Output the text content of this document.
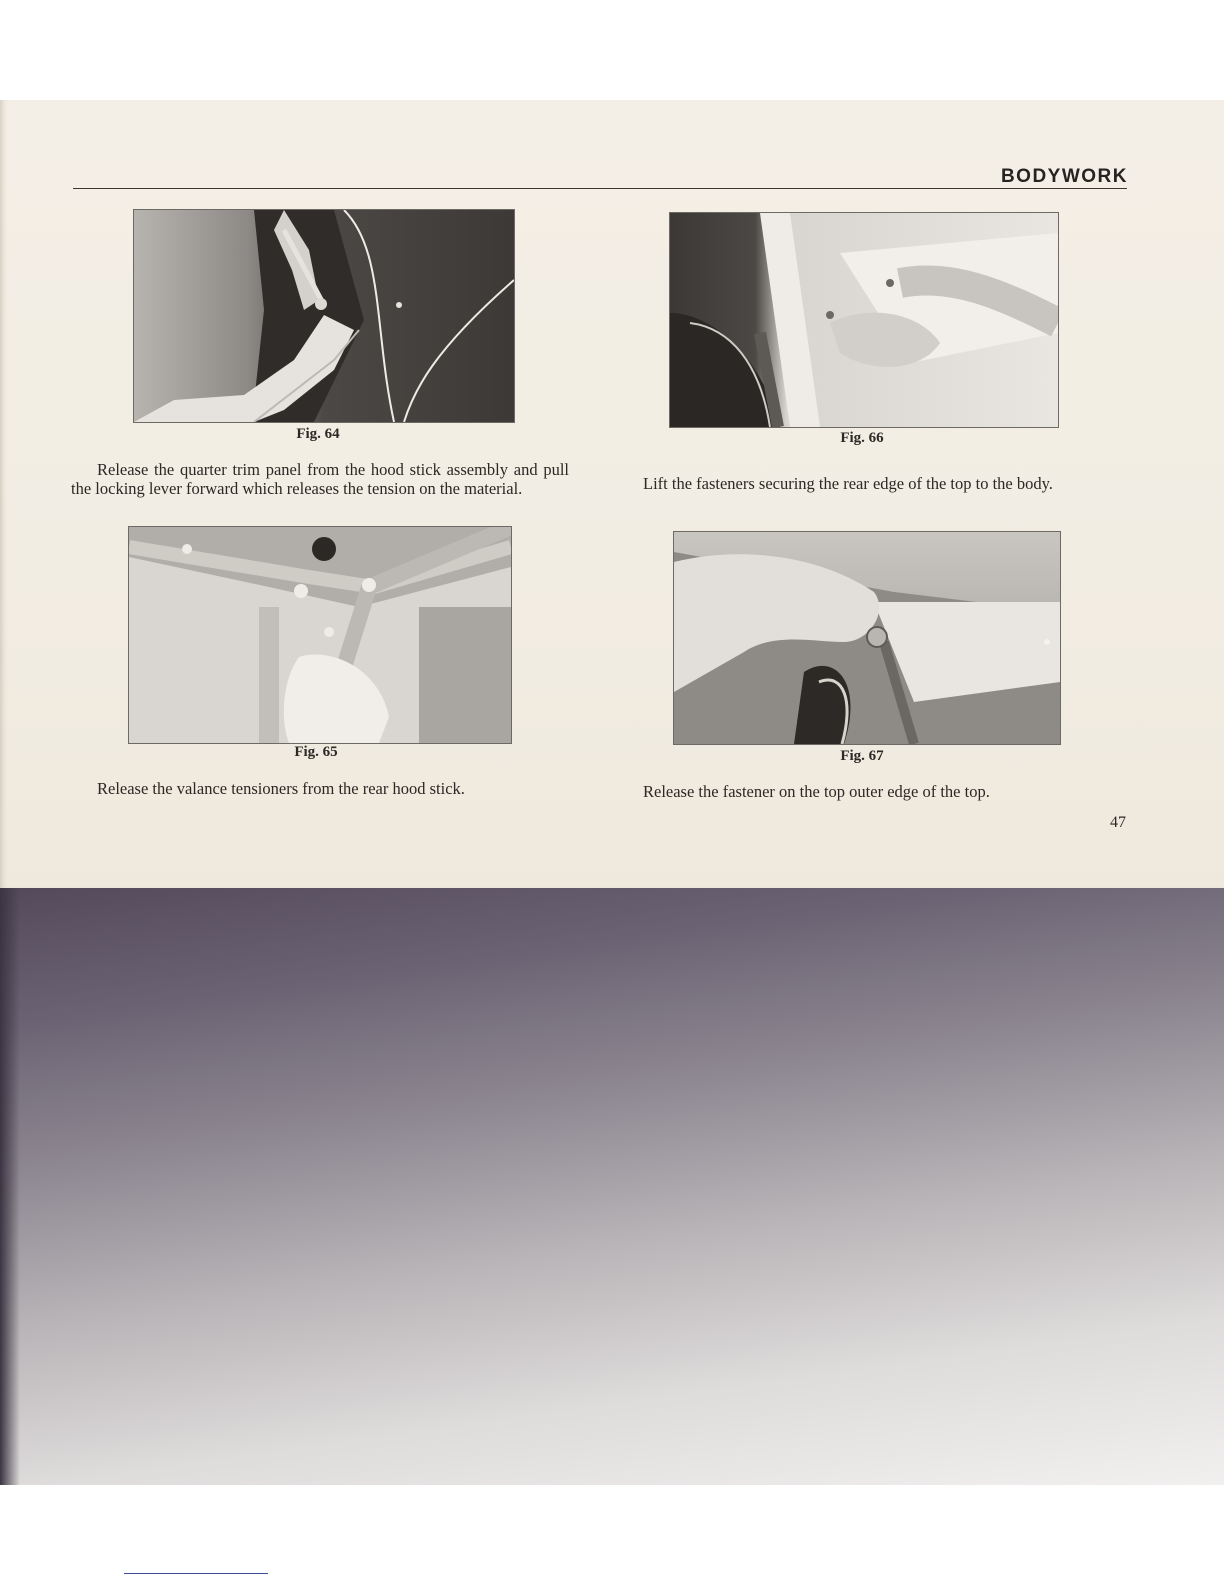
BODYWORK
Fig. 64
Release the quarter trim panel from the hood stick assembly and pull the locking lever forward which releases the tension on the material.
Fig. 66
Lift the fasteners securing the rear edge of the top to the body.
Fig. 65
Release the valance tensioners from the rear hood stick.
Fig. 67
Release the fastener on the top outer edge of the top.
47
